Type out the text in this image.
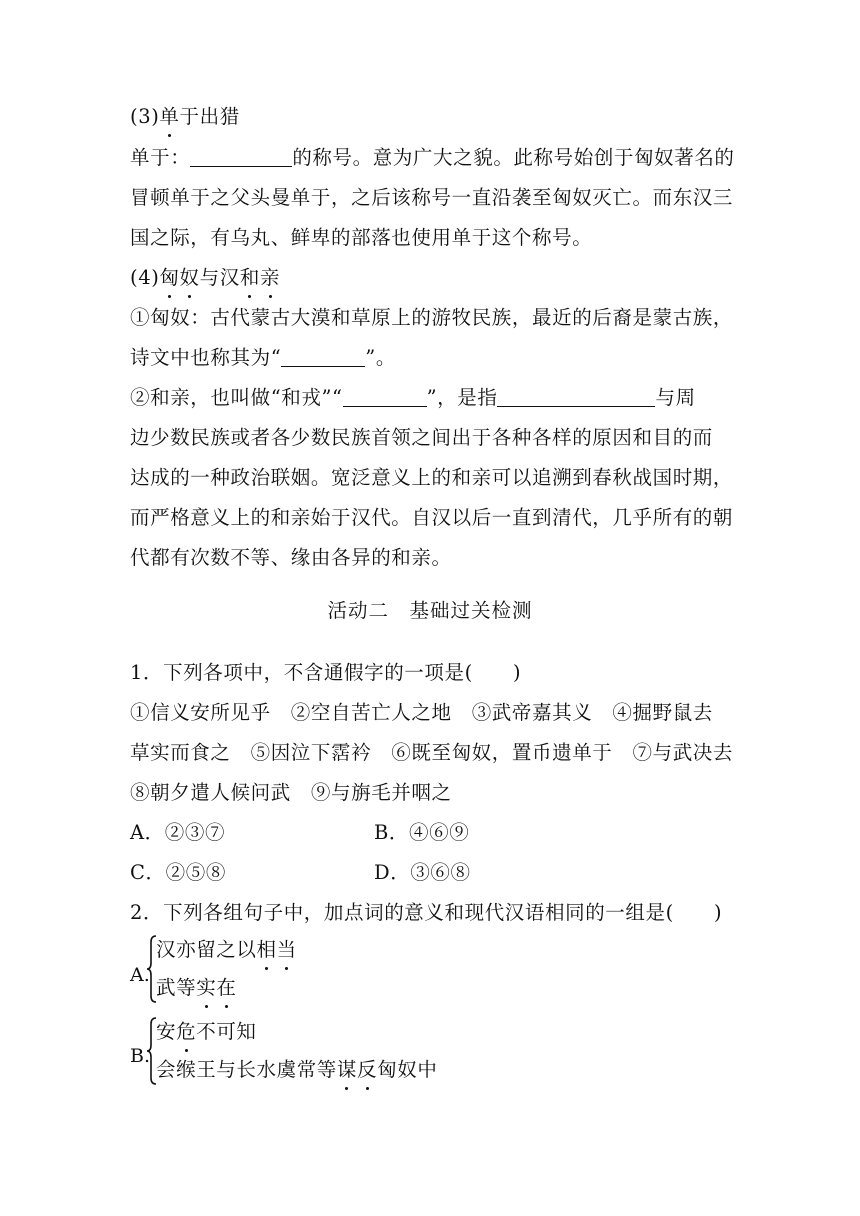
(3)单于出猎
单于：	的称号。意为广大之貌。此称号始创于匈奴著名的
冒顿单于之父头曼单于，之后该称号一直沿袭至匈奴灭亡。而东汉三
国之际，有乌丸、鲜卑的部落也使用单于这个称号。
(4)匈奴与汉和亲
①匈奴：古代蒙古大漠和草原上的游牧民族，最近的后裔是蒙古族，
诗文中也称其为“	”。
②和亲，也叫做“和戎”“	”，是指	与周
边少数民族或者各少数民族首领之间出于各种各样的原因和目的而
达成的一种政治联姻。宽泛意义上的和亲可以追溯到春秋战国时期，
而严格意义上的和亲始于汉代。自汉以后一直到清代，几乎所有的朝
代都有次数不等、缘由各异的和亲。
活动二　基础过关检测
1．下列各项中，不含通假字的一项是(　　)
①信义安所见乎　②空自苦亡人之地　③武帝嘉其义　④掘野鼠去
草实而食之　⑤因泣下霑衿　⑥既至匈奴，置币遗单于　⑦与武决去
⑧朝夕遣人候问武　⑨与旃毛并咽之
A．②③⑦	B．④⑥⑨
C．②⑤⑧	D．③⑥⑧
2．下列各组句子中，加点词的意义和现代汉语相同的一组是(　　)
A.
汉亦留之以相当
武等实在
B.
安危不可知
会缑王与长水虞常等谋反匈奴中
